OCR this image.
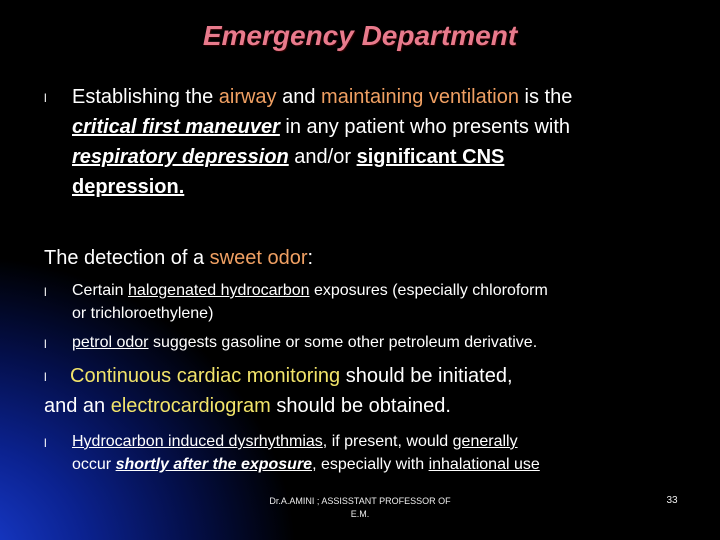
Emergency Department
l Establishing the airway and maintaining ventilation is the
critical first maneuver in any patient who presents with
respiratory depression and/or significant CNS
depression.
The detection of a sweet odor:
l Certain halogenated hydrocarbon exposures (especially chloroform
or trichloroethylene)
l petrol odor suggests gasoline or some other petroleum derivative.
l	Continuous cardiac monitoring should be initiated,
and an electrocardiogram should be obtained.
l Hydrocarbon induced dysrhythmias, if present, would generally
occur shortly after the exposure, especially with inhalational use
Dr.A.AMINI ; ASSISSTANT PROFESSOR OF
E.M.
33
